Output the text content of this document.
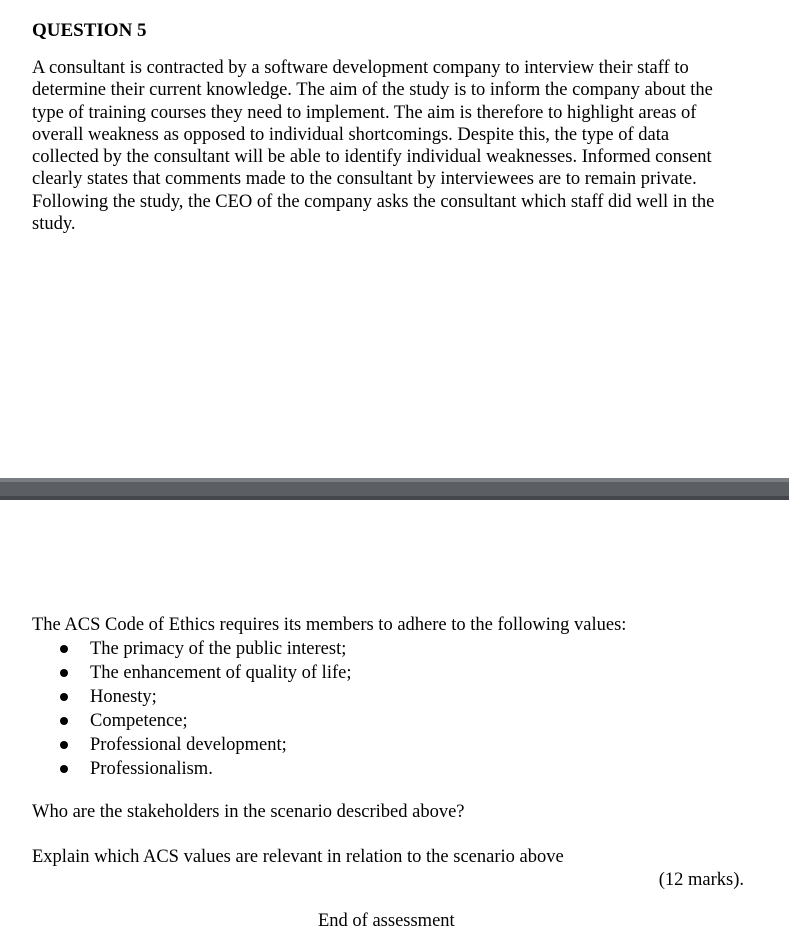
QUESTION 5

A consultant is contracted by a software development company to interview their staff to
determine their current knowledge. The aim of the study is to inform the company about the
type of training courses they need to implement. The aim is therefore to highlight areas of
overall weakness as opposed to individual shortcomings. Despite this, the type of data
collected by the consultant will be able to identify individual weaknesses. Informed consent
clearly states that comments made to the consultant by interviewees are to remain private.
Following the study, the CEO of the company asks the consultant which staff did well in the
study.

The ACS Code of Ethics requires its members to adhere to the following values:

The primacy of the public interest;
The enhancement of quality of life;
Honesty;
Competence;
Professional development;
Professionalism.

Who are the stakeholders in the scenario described above?

Explain which ACS values are relevant in relation to the scenario above

(12 marks).

End of assessment
